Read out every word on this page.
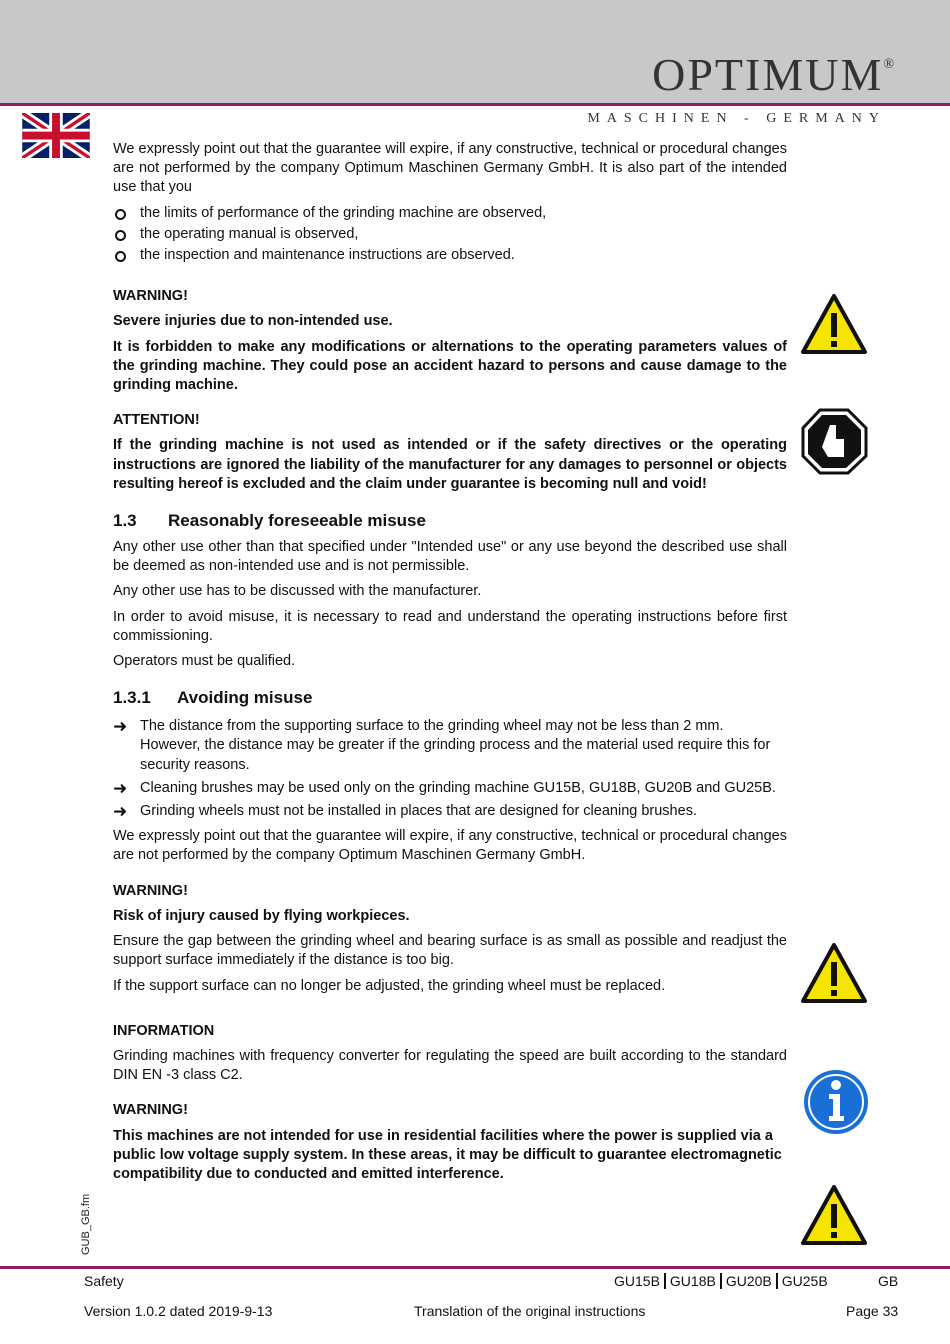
OPTIMUM®
MASCHINEN - GERMANY

We expressly point out that the guarantee will expire, if any constructive, technical or procedural changes are not performed by the company Optimum Maschinen Germany GmbH. It is also part of the intended use that you

the limits of performance of the grinding machine are observed,
the operating manual is observed,
the inspection and maintenance instructions are observed.

WARNING!

Severe injuries due to non-intended use.

It is forbidden to make any modifications or alternations to the operating parameters values of the grinding machine. They could pose an accident hazard to persons and cause damage to the grinding machine.

ATTENTION!

If the grinding machine is not used as intended or if the safety directives or the operating instructions are ignored the liability of the manufacturer for any damages to personnel or objects resulting hereof is excluded and the claim under guarantee is becoming null and void!

1.3 Reasonably foreseeable misuse

Any other use other than that specified under "Intended use" or any use beyond the described use shall be deemed as non-intended use and is not permissible.

Any other use has to be discussed with the manufacturer.

In order to avoid misuse, it is necessary to read and understand the operating instructions before first commissioning.

Operators must be qualified.

1.3.1 Avoiding misuse
➜ The distance from the supporting surface to the grinding wheel may not be less than 2 mm. However, the distance may be greater if the grinding process and the material used require this for security reasons.
➜ Cleaning brushes may be used only on the grinding machine GU15B, GU18B, GU20B and GU25B.
➜ Grinding wheels must not be installed in places that are designed for cleaning brushes.

We expressly point out that the guarantee will expire, if any constructive, technical or procedural changes are not performed by the company Optimum Maschinen Germany GmbH.

WARNING!

Risk of injury caused by flying workpieces.

Ensure the gap between the grinding wheel and bearing surface is as small as possible and readjust the support surface immediately if the distance is too big.

If the support surface can no longer be adjusted, the grinding wheel must be replaced.

INFORMATION

Grinding machines with frequency converter for regulating the speed are built according to the standard DIN EN -3 class C2.

WARNING!

This machines are not intended for use in residential facilities where the power is supplied via a public low voltage supply system. In these areas, it may be difficult to guarantee electromagnetic compatibility due to conducted and emitted interference.

GUB_GB.fm
Safety	GU15B GU18B GU20B GU25B	GB
Version 1.0.2 dated 2019-9-13	Translation of the original instructions	Page 33
